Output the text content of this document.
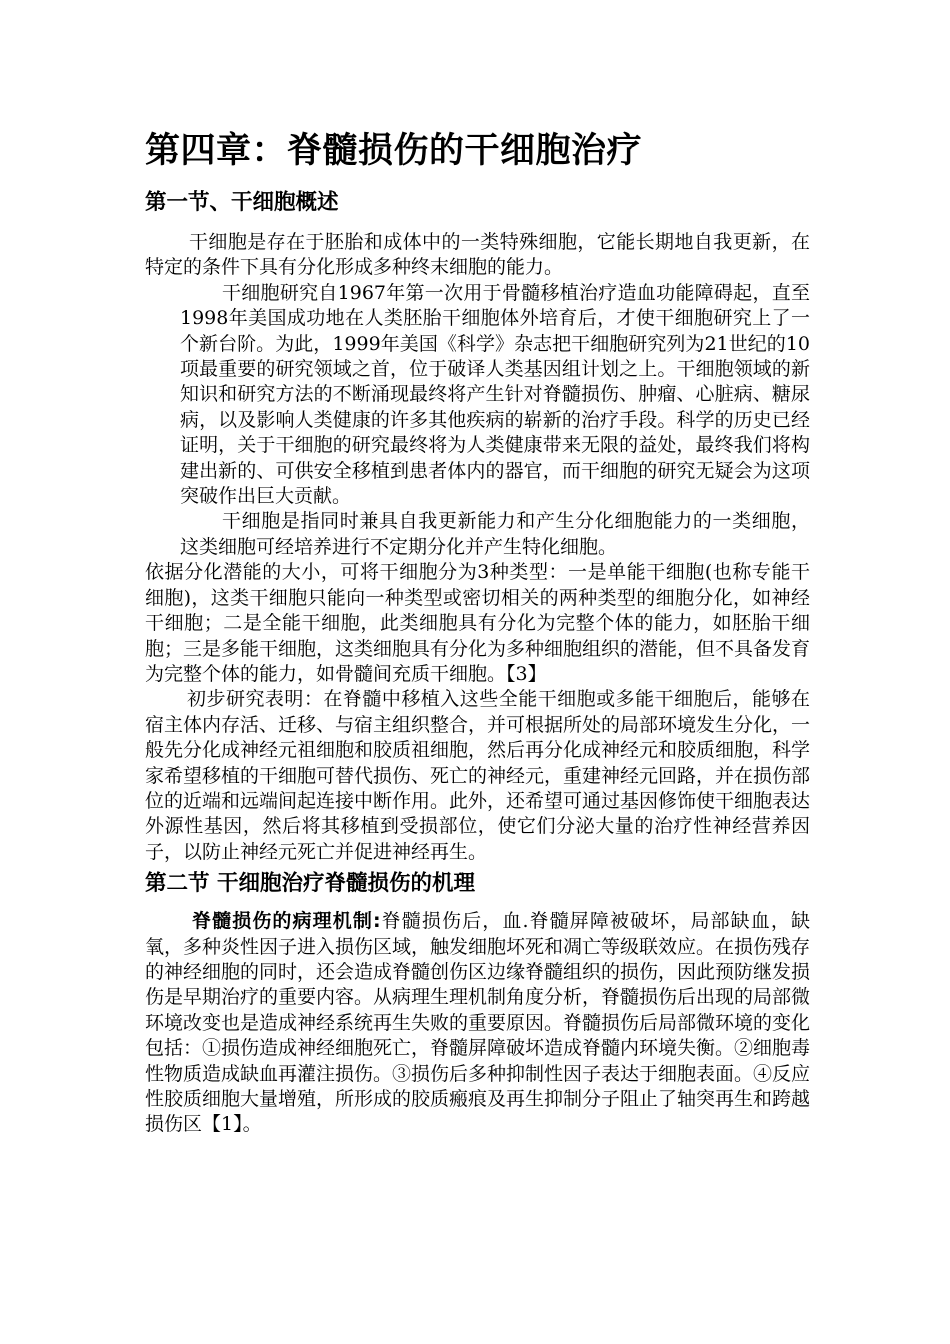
第四章：脊髓损伤的干细胞治疗
第一节、干细胞概述

干细胞是存在于胚胎和成体中的一类特殊细胞，它能长期地自我更新，在特定的条件下具有分化形成多种终末细胞的能力。

干细胞研究自1967年第一次用于骨髓移植治疗造血功能障碍起，直至1998年美国成功地在人类胚胎干细胞体外培育后，才使干细胞研究上了一个新台阶。为此，1999年美国《科学》杂志把干细胞研究列为21世纪的10项最重要的研究领域之首，位于破译人类基因组计划之上。干细胞领域的新知识和研究方法的不断涌现最终将产生针对脊髓损伤、肿瘤、心脏病、糖尿病，以及影响人类健康的许多其他疾病的崭新的治疗手段。科学的历史已经证明，关于干细胞的研究最终将为人类健康带来无限的益处，最终我们将构建出新的、可供安全移植到患者体内的器官，而干细胞的研究无疑会为这项突破作出巨大贡献。

干细胞是指同时兼具自我更新能力和产生分化细胞能力的一类细胞，这类细胞可经培养进行不定期分化并产生特化细胞。

依据分化潜能的大小，可将干细胞分为3种类型：一是单能干细胞(也称专能干细胞)，这类干细胞只能向一种类型或密切相关的两种类型的细胞分化，如神经干细胞；二是全能干细胞，此类细胞具有分化为完整个体的能力，如胚胎干细胞；三是多能干细胞，这类细胞具有分化为多种细胞组织的潜能，但不具备发育为完整个体的能力，如骨髓间充质干细胞。【3】

初步研究表明：在脊髓中移植入这些全能干细胞或多能干细胞后，能够在宿主体内存活、迁移、与宿主组织整合，并可根据所处的局部环境发生分化，一般先分化成神经元祖细胞和胶质祖细胞，然后再分化成神经元和胶质细胞，科学家希望移植的干细胞可替代损伤、死亡的神经元，重建神经元回路，并在损伤部位的近端和远端间起连接中断作用。此外，还希望可通过基因修饰使干细胞表达外源性基因，然后将其移植到受损部位，使它们分泌大量的治疗性神经营养因子，以防止神经元死亡并促进神经再生。

第二节 干细胞治疗脊髓损伤的机理

脊髓损伤的病理机制:脊髓损伤后，血.脊髓屏障被破坏，局部缺血，缺氧，多种炎性因子进入损伤区域，触发细胞坏死和凋亡等级联效应。在损伤残存的神经细胞的同时，还会造成脊髓创伤区边缘脊髓组织的损伤，因此预防继发损伤是早期治疗的重要内容。从病理生理机制角度分析，脊髓损伤后出现的局部微环境改变也是造成神经系统再生失败的重要原因。脊髓损伤后局部微环境的变化包括：①损伤造成神经细胞死亡，脊髓屏障破坏造成脊髓内环境失衡。②细胞毒性物质造成缺血再灌注损伤。③损伤后多种抑制性因子表达于细胞表面。④反应性胶质细胞大量增殖，所形成的胶质瘢痕及再生抑制分子阻止了轴突再生和跨越损伤区【1】。
